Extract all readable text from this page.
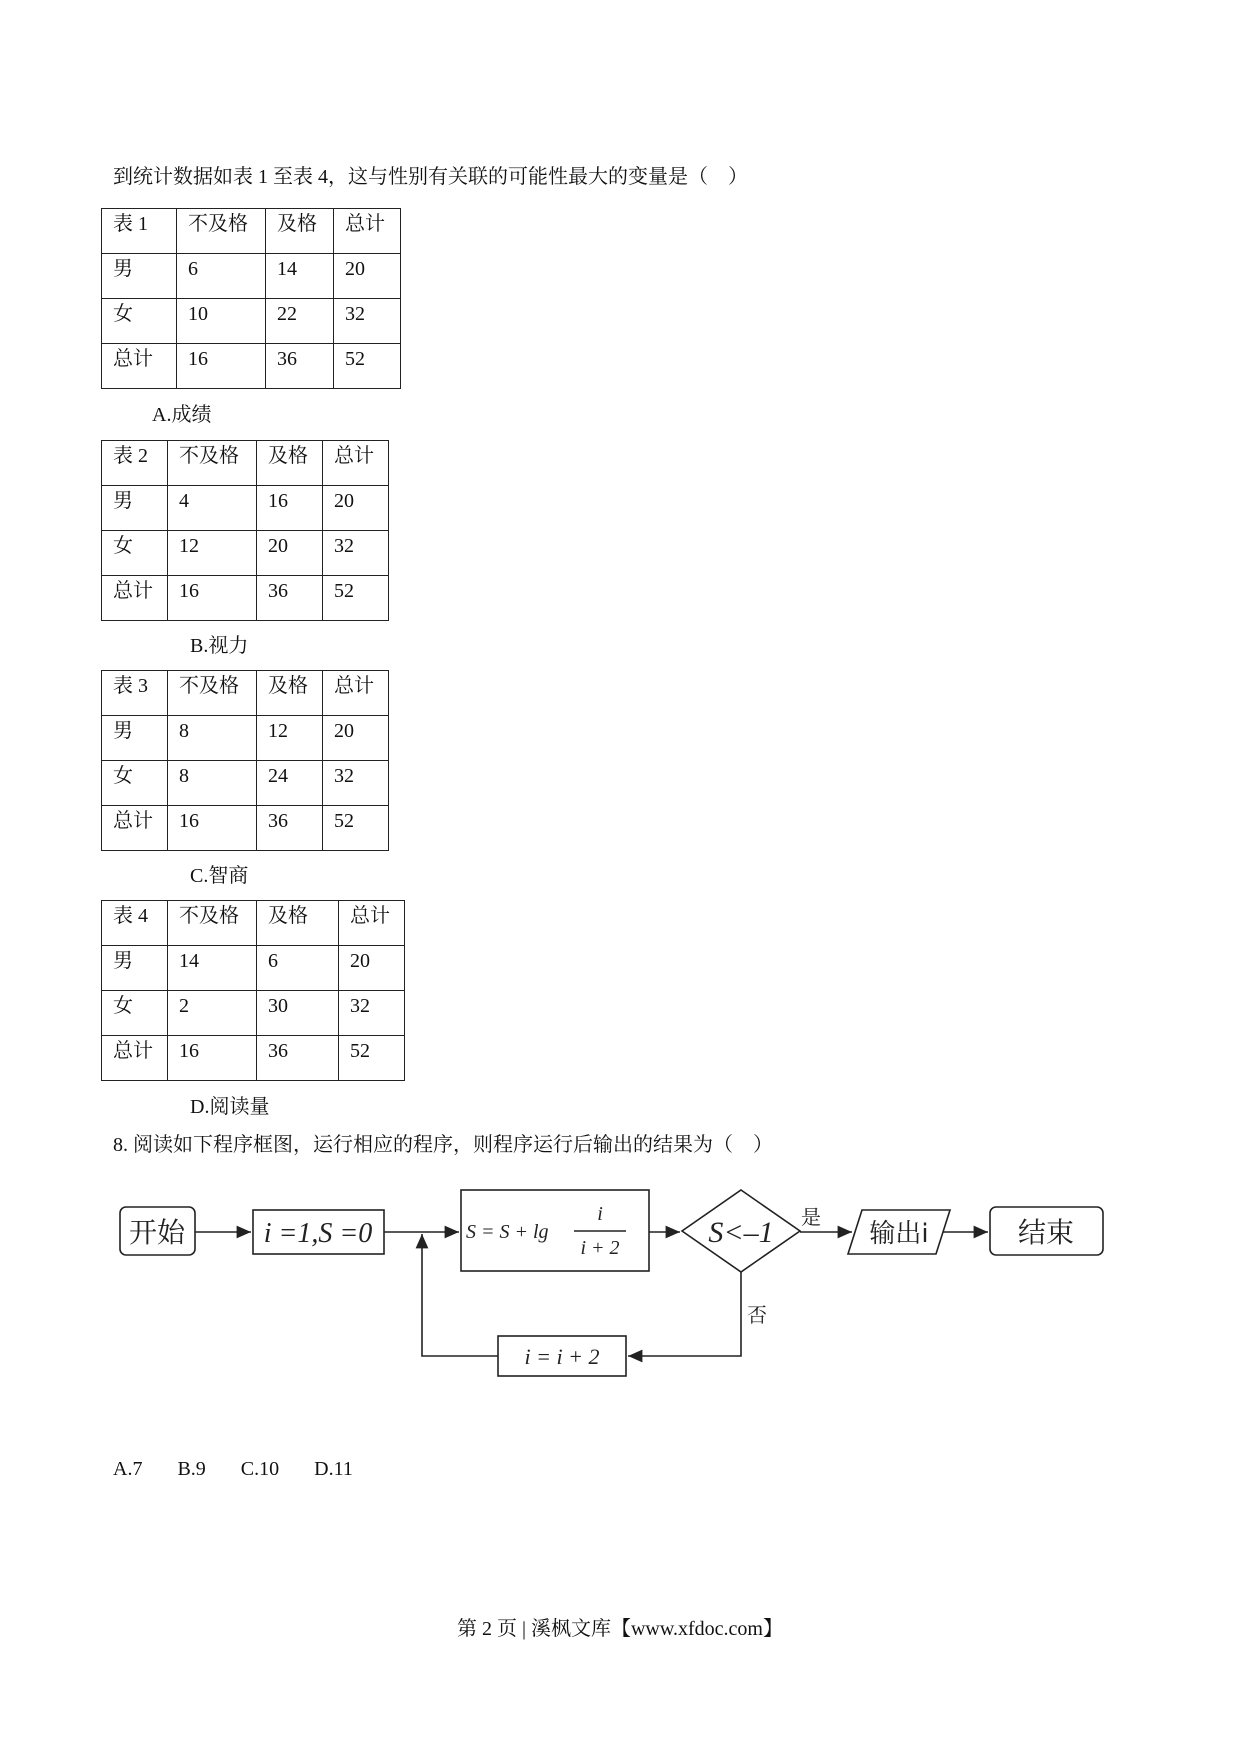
到统计数据如表 1 至表 4，这与性别有关联的可能性最大的变量是（　）
表 1	不及格	及格	总计
男	6	14	20
女	10	22	32
总计	16	36	52
A.成绩
表 2	不及格	及格	总计
男	4	16	20
女	12	20	32
总计	16	36	52
B.视力
表 3	不及格	及格	总计
男	8	12	20
女	8	24	32
总计	16	36	52
C.智商
表 4	不及格	及格	总计
男	14	6	20
女	2	30	32
总计	16	36	52
D.阅读量
8. 阅读如下程序框图，运行相应的程序，则程序运行后输出的结果为（　）
开始	i =1,S =0	S = S + lg
i
i + 2	S<–1 是
输出i	结束
否
i = i + 2
A.7 B.9 C.10 D.11
第 2 页 | 溪枫文库【www.xfdoc.com】
